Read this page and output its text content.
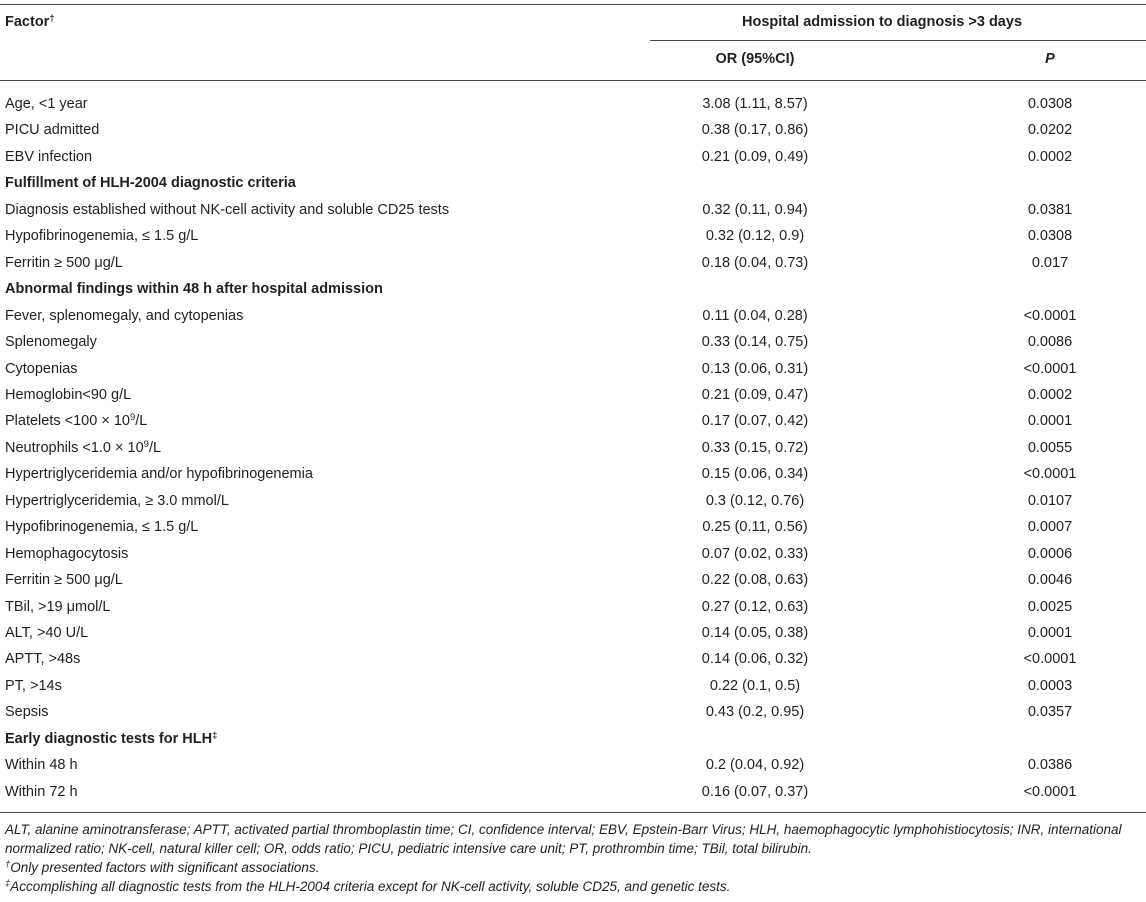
Factor†	Hospital admission to diagnosis >3 days
OR (95%CI)	P
Age, <1 year	3.08 (1.11, 8.57)	0.0308
PICU admitted	0.38 (0.17, 0.86)	0.0202
EBV infection	0.21 (0.09, 0.49)	0.0002
Fulfillment of HLH-2004 diagnostic criteria
Diagnosis established without NK-cell activity and soluble CD25 tests	0.32 (0.11, 0.94)	0.0381
Hypofibrinogenemia, ≤ 1.5 g/L	0.32 (0.12, 0.9)	0.0308
Ferritin ≥ 500 μg/L	0.18 (0.04, 0.73)	0.017
Abnormal findings within 48 h after hospital admission
Fever, splenomegaly, and cytopenias	0.11 (0.04, 0.28)	<0.0001
Splenomegaly	0.33 (0.14, 0.75)	0.0086
Cytopenias	0.13 (0.06, 0.31)	<0.0001
Hemoglobin<90 g/L	0.21 (0.09, 0.47)	0.0002
Platelets $<100 \times 10^9/L$	0.17 (0.07, 0.42)	0.0001
Neutrophils $<1.0 \times 10^9/L$	0.33 (0.15, 0.72)	0.0055
Hypertriglyceridemia and/or hypofibrinogenemia	0.15 (0.06, 0.34)	<0.0001
Hypertriglyceridemia, ≥ 3.0 mmol/L	0.3 (0.12, 0.76)	0.0107
Hypofibrinogenemia, ≤ 1.5 g/L	0.25 (0.11, 0.56)	0.0007
Hemophagocytosis	0.07 (0.02, 0.33)	0.0006
Ferritin ≥ 500 μg/L	0.22 (0.08, 0.63)	0.0046
TBil, >19 μmol/L	0.27 (0.12, 0.63)	0.0025
ALT, >40 U/L	0.14 (0.05, 0.38)	0.0001
APTT, >48s	0.14 (0.06, 0.32)	<0.0001
PT, >14s	0.22 (0.1, 0.5)	0.0003
Sepsis	0.43 (0.2, 0.95)	0.0357
Early diagnostic tests for HLH‡
Within 48 h	0.2 (0.04, 0.92)	0.0386
Within 72 h	0.16 (0.07, 0.37)	<0.0001

ALT, alanine aminotransferase; APTT, activated partial thromboplastin time; CI, confidence interval; EBV, Epstein-Barr Virus; HLH, haemophagocytic lymphohistiocytosis; INR, international normalized ratio; NK-cell, natural killer cell; OR, odds ratio; PICU, pediatric intensive care unit; PT, prothrombin time; TBil, total bilirubin.

†Only presented factors with significant associations.

‡Accomplishing all diagnostic tests from the HLH-2004 criteria except for NK-cell activity, soluble CD25, and genetic tests.
